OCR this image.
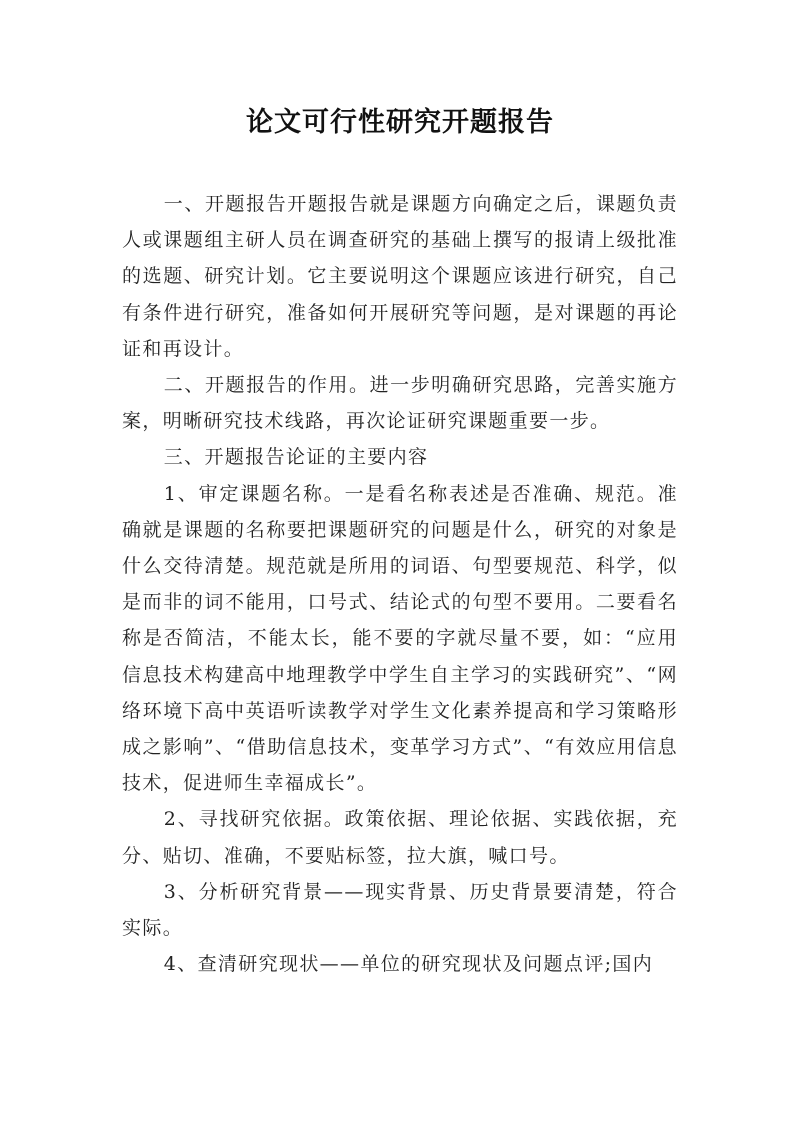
论文可行性研究开题报告

一、开题报告开题报告就是课题方向确定之后，课题负责人或课题组主研人员在调查研究的基础上撰写的报请上级批准的选题、研究计划。它主要说明这个课题应该进行研究，自己有条件进行研究，准备如何开展研究等问题，是对课题的再论证和再设计。

二、开题报告的作用。进一步明确研究思路，完善实施方案，明晰研究技术线路，再次论证研究课题重要一步。

三、开题报告论证的主要内容

1、审定课题名称。一是看名称表述是否准确、规范。准确就是课题的名称要把课题研究的问题是什么，研究的对象是什么交待清楚。规范就是所用的词语、句型要规范、科学，似是而非的词不能用，口号式、结论式的句型不要用。二要看名称是否简洁，不能太长，能不要的字就尽量不要，如：“应用信息技术构建高中地理教学中学生自主学习的实践研究”、“网络环境下高中英语听读教学对学生文化素养提高和学习策略形成之影响”、“借助信息技术，变革学习方式”、“有效应用信息技术，促进师生幸福成长”。

2、寻找研究依据。政策依据、理论依据、实践依据，充分、贴切、准确，不要贴标签，拉大旗，喊口号。

3、分析研究背景——现实背景、历史背景要清楚，符合实际。

4、查清研究现状——单位的研究现状及问题点评;国内
